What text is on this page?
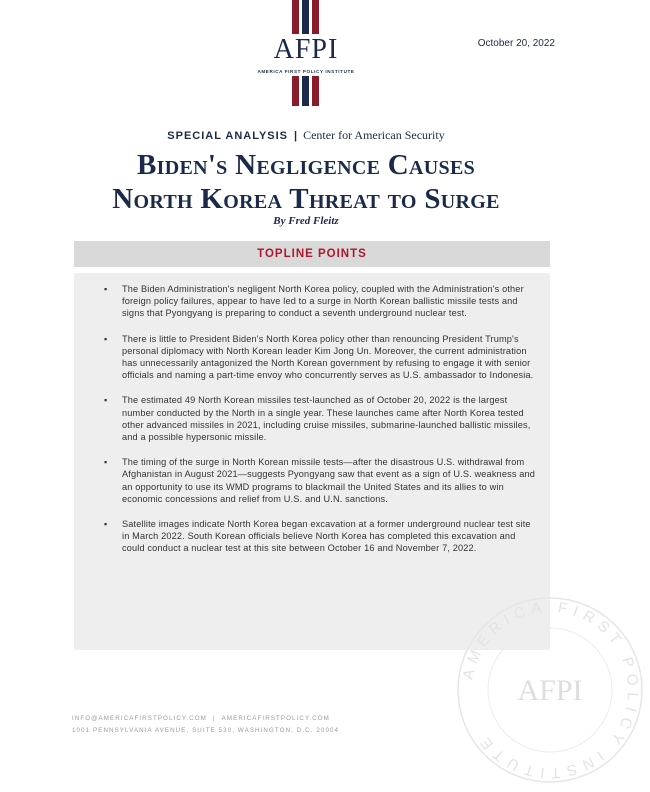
AFPI
AMERICA FIRST POLICY INSTITUTE
October 20, 2022
SPECIAL ANALYSIS | Center for American Security
Biden's Negligence Causes
North Korea Threat to Surge
By Fred Fleitz
TOPLINE POINTS
▪ The Biden Administration's negligent North Korea policy, coupled with the Administration's other foreign policy failures, appear to have led to a surge in North Korean ballistic missile tests and signs that Pyongyang is preparing to conduct a seventh underground nuclear test.
▪ There is little to President Biden's North Korea policy other than renouncing President Trump's personal diplomacy with North Korean leader Kim Jong Un. Moreover, the current administration has unnecessarily antagonized the North Korean government by refusing to engage it with senior officials and naming a part-time envoy who concurrently serves as U.S. ambassador to Indonesia.
▪ The estimated 49 North Korean missiles test-launched as of October 20, 2022 is the largest number conducted by the North in a single year. These launches came after North Korea tested other advanced missiles in 2021, including cruise missiles, submarine-launched ballistic missiles, and a possible hypersonic missile.
▪ The timing of the surge in North Korean missile tests—after the disastrous U.S. withdrawal from Afghanistan in August 2021—suggests Pyongyang saw that event as a sign of U.S. weakness and an opportunity to use its WMD programs to blackmail the United States and its allies to win economic concessions and relief from U.S. and U.N. sanctions.
▪ Satellite images indicate North Korea began excavation at a former underground nuclear test site in March 2022. South Korean officials believe North Korea has completed this excavation and could conduct a nuclear test at this site between October 16 and November 7, 2022.
AMERICA FIRST POLICY INSTITUTE
AFPI
INFO@AMERICAFIRSTPOLICY.COM | AMERICAFIRSTPOLICY.COM
1001 PENNSYLVANIA AVENUE, SUITE 530, WASHINGTON, D.C. 20004
